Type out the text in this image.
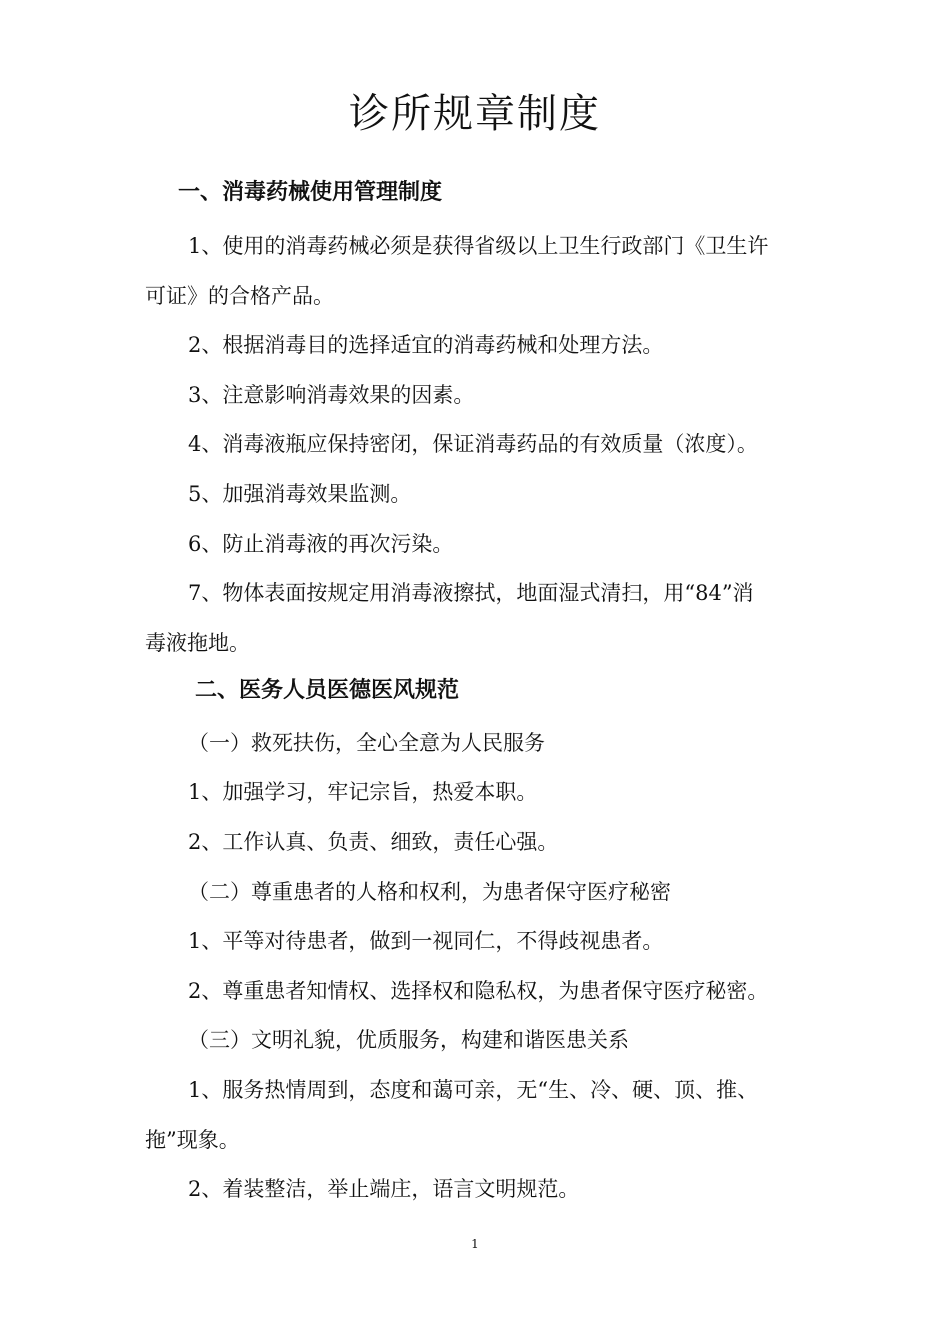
诊所规章制度
一、消毒药械使用管理制度
1、使用的消毒药械必须是获得省级以上卫生行政部门《卫生许
可证》的合格产品。
2、根据消毒目的选择适宜的消毒药械和处理方法。
3、注意影响消毒效果的因素。
4、消毒液瓶应保持密闭，保证消毒药品的有效质量（浓度）。
5、加强消毒效果监测。
6、防止消毒液的再次污染。
7、物体表面按规定用消毒液擦拭，地面湿式清扫，用“84”消
毒液拖地。
二、医务人员医德医风规范
（一）救死扶伤，全心全意为人民服务
1、加强学习，牢记宗旨，热爱本职。
2、工作认真、负责、细致，责任心强。
（二）尊重患者的人格和权利，为患者保守医疗秘密
1、平等对待患者，做到一视同仁，不得歧视患者。
2、尊重患者知情权、选择权和隐私权，为患者保守医疗秘密。
（三）文明礼貌，优质服务，构建和谐医患关系
1、服务热情周到，态度和蔼可亲，无“生、冷、硬、顶、推、
拖”现象。
2、着装整洁，举止端庄，语言文明规范。
1
